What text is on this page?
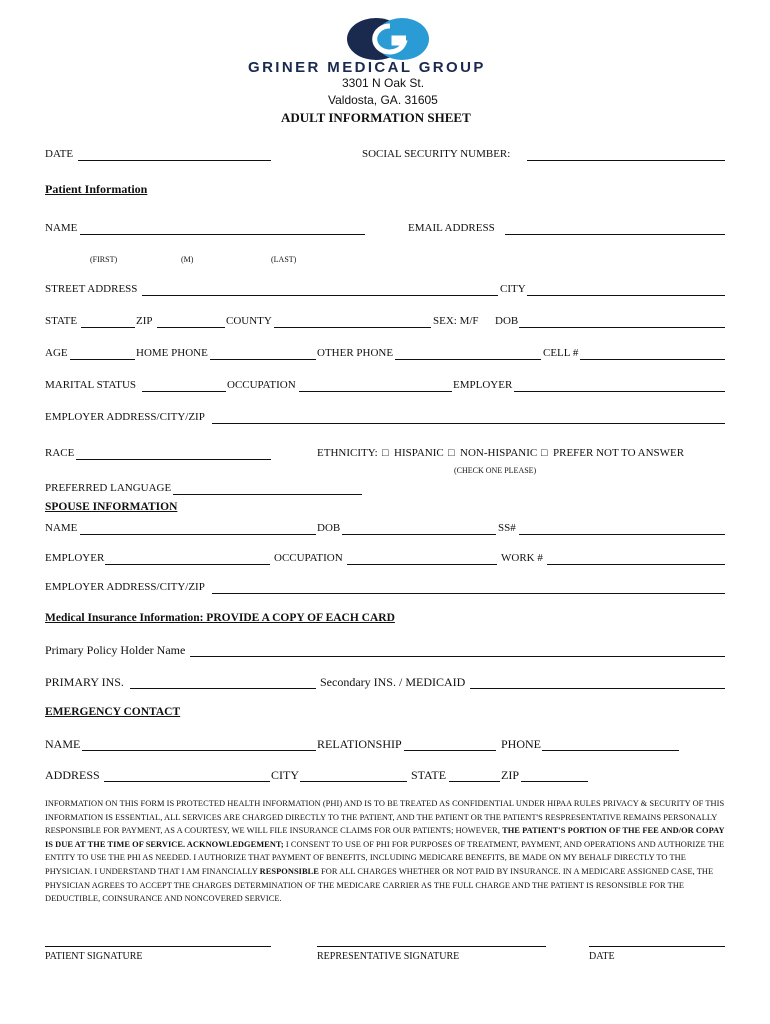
GRINER MEDICAL GROUP
3301 N Oak St.
Valdosta, GA. 31605
ADULT INFORMATION SHEET
DATE	SOCIAL SECURITY NUMBER:
Patient Information
NAME	EMAIL ADDRESS
(FIRST)	(M)	(LAST)
STREET ADDRESS	CITY
STATE	ZIP	COUNTY	SEX: M/F DOB
AGE	HOME PHONE	OTHER PHONE	CELL #
MARITAL STATUS	OCCUPATION	EMPLOYER
EMPLOYER ADDRESS/CITY/ZIP
RACE	ETHNICITY: □ HISPANIC □ NON-HISPANIC □ PREFER NOT TO ANSWER
(CHECK ONE PLEASE)
PREFERRED LANGUAGE
SPOUSE INFORMATION
NAME	DOB	SS#
EMPLOYER	OCCUPATION	WORK #
EMPLOYER ADDRESS/CITY/ZIP
Medical Insurance Information: PROVIDE A COPY OF EACH CARD
Primary Policy Holder Name
PRIMARY INS.	Secondary INS. / MEDICAID
EMERGENCY CONTACT
NAME	RELATIONSHIP	PHONE
ADDRESS	CITY	STATE	ZIP
INFORMATION ON THIS FORM IS PROTECTED HEALTH INFORMATION (PHI) AND IS TO BE TREATED AS CONFIDENTIAL UNDER HIPAA RULES PRIVACY & SECURITY OF THIS INFORMATION IS ESSENTIAL, ALL SERVICES ARE CHARGED DIRECTLY TO THE PATIENT, AND THE PATIENT OR THE PATIENT'S RESPRESENTATIVE REMAINS PERSONALLY RESPONSIBLE FOR PAYMENT, AS A COURTESY, WE WILL FILE INSURANCE CLAIMS FOR OUR PATIENTS; HOWEVER, THE PATIENT'S PORTION OF THE FEE AND/OR COPAY IS DUE AT THE TIME OF SERVICE. ACKNOWLEDGEMENT; I CONSENT TO USE OF PHI FOR PURPOSES OF TREATMENT, PAYMENT, AND OPERATIONS AND AUTHORIZE THE ENTITY TO USE THE PHI AS NEEDED. I AUTHORIZE THAT PAYMENT OF BENEFITS, INCLUDING MEDICARE BENEFITS, BE MADE ON MY BEHALF DIRECTLY TO THE PHYSICIAN. I UNDERSTAND THAT I AM FINANCIALLY RESPONSIBLE FOR ALL CHARGES WHETHER OR NOT PAID BY INSURANCE. IN A MEDICARE ASSIGNED CASE, THE PHYSICIAN AGREES TO ACCEPT THE CHARGES DETERMINATION OF THE MEDICARE CARRIER AS THE FULL CHARGE AND THE PATIENT IS RESONSIBLE FOR THE DEDUCTIBLE, COINSURANCE AND NONCOVERED SERVICE.
PATIENT SIGNATURE	REPRESENTATIVE SIGNATURE	DATE
